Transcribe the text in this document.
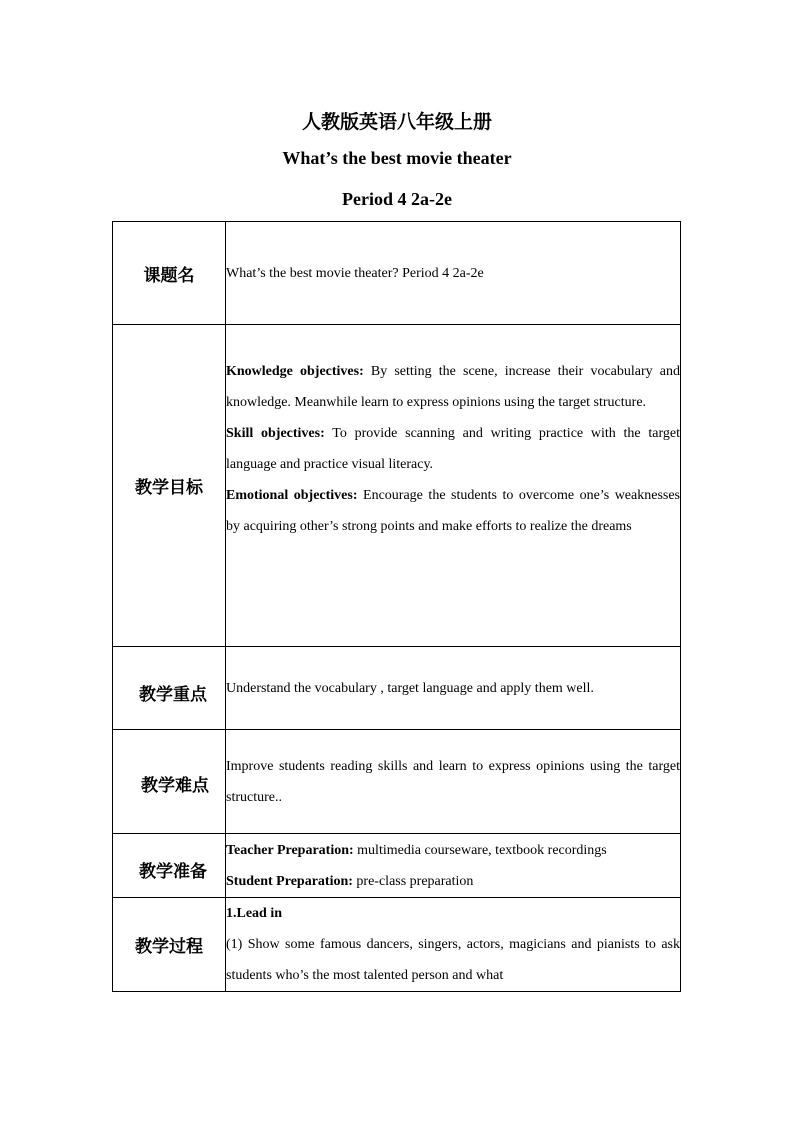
人教版英语八年级上册
What’s the best movie theater
Period 4 2a-2e
课题名	What’s the best movie theater? Period 4 2a-2e
教学目标	Knowledge objectives: By setting the scene, increase their vocabulary and knowledge. Meanwhile learn to express opinions using the target structure.

Skill objectives: To provide scanning and writing practice with the target language and practice visual literacy.

Emotional objectives: Encourage the students to overcome one’s weaknesses by acquiring other’s strong points and make efforts to realize the dreams

教学重点	Understand the vocabulary , target language and apply them well.
教学难点	Improve students reading skills and learn to express opinions using the target structure..
教学准备	Teacher Preparation: multimedia courseware, textbook recordings

Student Preparation: pre-class preparation

教学过程	1.Lead in

(1) Show some famous dancers, singers, actors, magicians and pianists to ask students who’s the most talented person and what
